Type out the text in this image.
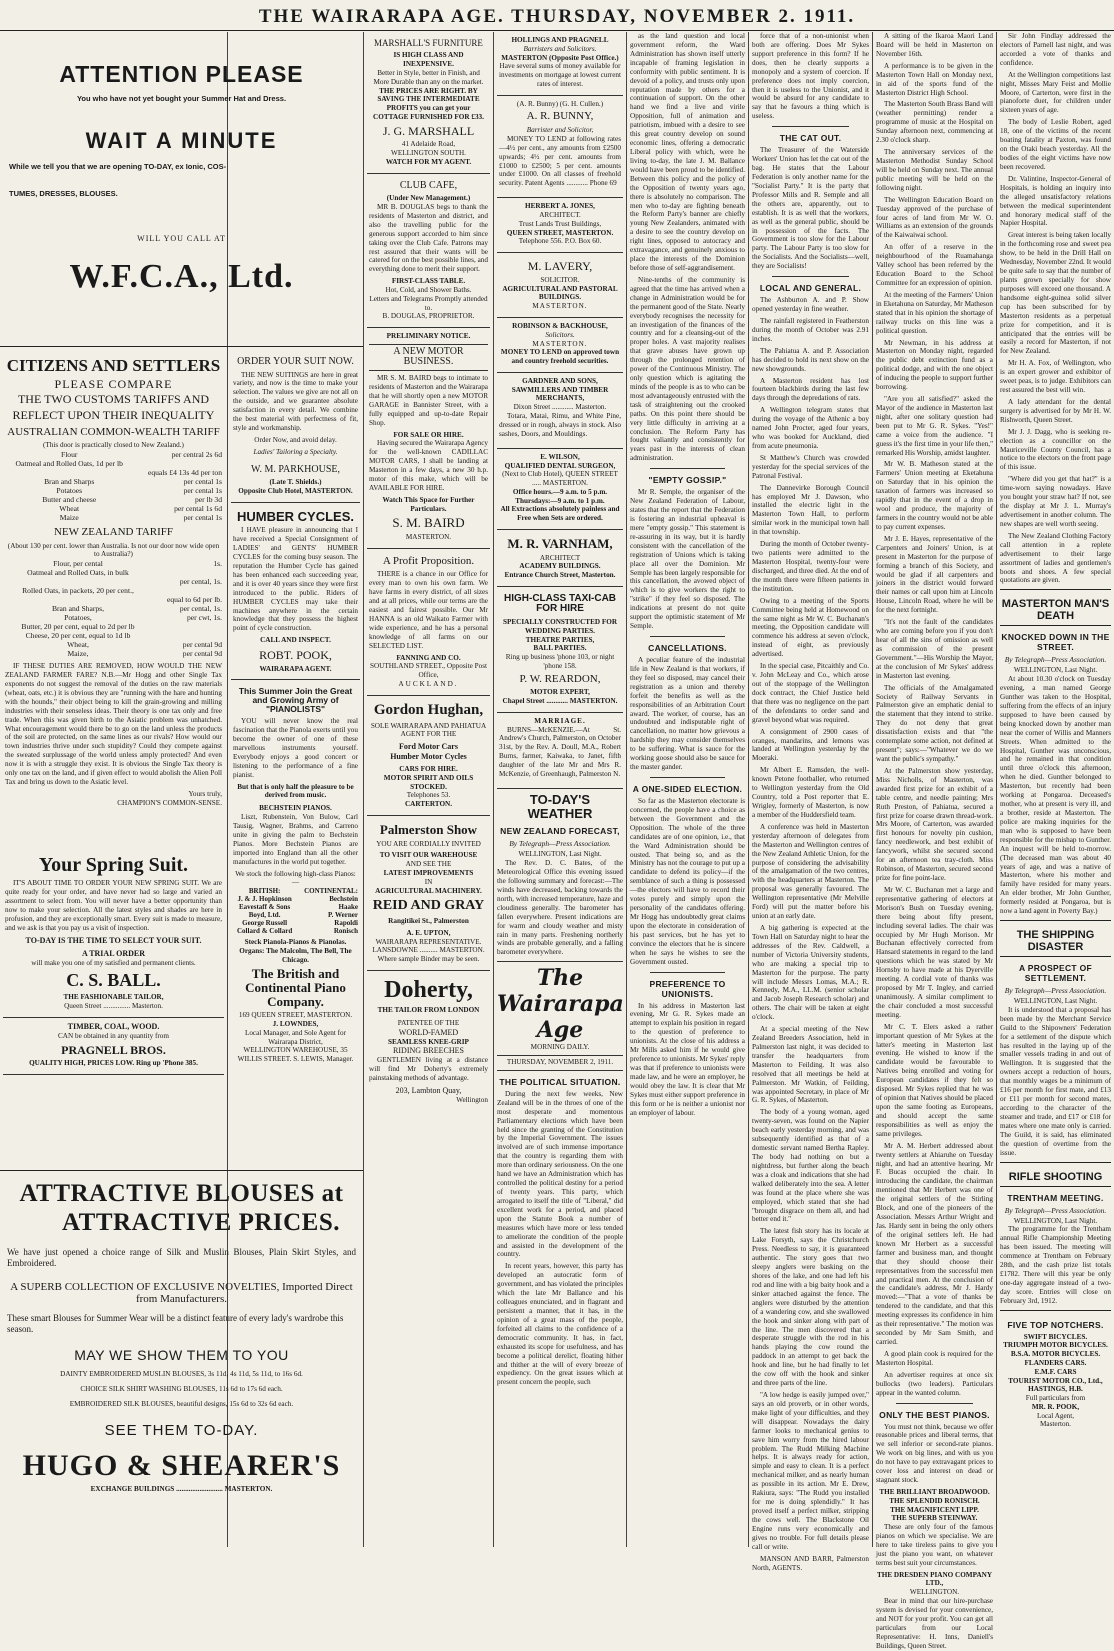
THE WAIRARAPA AGE. THURSDAY, NOVEMBER 2. 1911.
ATTENTION PLEASE
You who have not yet bought your Summer Hat and Dress.
WAIT A MINUTE
While we tell you that we are opening TO-DAY, ex Ionic, COS-
TUMES, DRESSES, BLOUSES.
WILL YOU CALL AT
W.F.C.A., Ltd.
CITIZENS AND SETTLERS
PLEASE COMPARE
THE TWO CUSTOMS TARIFFS AND
REFLECT UPON THEIR INEQUALITY
AUSTRALIAN COMMON-WEALTH TARIFF
(This door is practically closed to New Zealand.)
Flour	per central 2s 6d
Oatmeal and Rolled Oats, 1d per lb	
	equals £4 13s 4d per ton
Bran and Sharps	per cental 1s
Potatoes	per cental 1s
Butter and cheese	per lb 3d
Wheat	per cental 1s 6d
Maize	per cental 1s
NEW ZEALAND TARIFF
(About 130 per cent. lower than Australia. Is not our door now wide open to Australia?)
Flour, per cental	1s.
Oatmeal and Rolled Oats, in bulk	
	per cental, 1s.
Rolled Oats, in packets, 20 per cent.,	
	equal to 6d per lb.
Bran and Sharps,	per cental, 1s.
Potatoes,	per cwt, 1s.
Butter, 20 per cent, equal to 2d per lb	
Cheese, 20 per cent, equal to 1d lb	
Wheat,	per cental 9d
Maize,	per cental 9d
IF THESE DUTIES ARE REMOVED, HOW WOULD THE NEW ZEALAND FARMER FARE? N.B.—Mr Hogg and other Single Tax exponents do not suggest the removal of the duties on the raw materials (wheat, oats, etc.) it is obvious they are "running with the hare and hunting with the hounds," their object being to kill the grain-growing and milling industries with their senseless ideas. Their theory is one tax only and free trade. When this was given birth to the Asiatic problem was unhatched. What encouragement would there be to go on the land unless the products of the soil are protected, on the same lines as our rivals? How would our town industries thrive under such stupidity? Could they compete against the sweated surplussage of the world unless amply protected? And even now it is with a struggle they exist. It is obvious the Single Tax theory is only one tax on the land, and if given effect to would abolish the Alien Poll Tax and bring us down to the Asiatic level.
Yours truly,
CHAMPION'S COMMON-SENSE.
Your Spring Suit.
IT'S ABOUT TIME TO ORDER YOUR NEW SPRING SUIT. We are quite ready for your order, and have never had so large and varied an assortment to select from. You will never have a better opportunity than now to make your selection. All the latest styles and shades are here in profusion, and they are exceptionally smart. Every suit is made to measure, and we ask is that you pay us a visit of inspection.
TO-DAY IS THE TIME TO SELECT YOUR SUIT.
A TRIAL ORDER
will make you one of my satisfied and permanent clients.
C. S. BALL.
THE FASHIONABLE TAILOR,
Queen Street ............... Masterton.
TIMBER, COAL, WOOD.
CAN be obtained in any quantity from
PRAGNELL BROS.
QUALITY HIGH, PRICES LOW. Ring up 'Phone 385.
ATTRACTIVE BLOUSES at
ATTRACTIVE PRICES.
We have just opened a choice range of Silk and Muslin Blouses, Plain Skirt Styles, and Embroidered.
A SUPERB COLLECTION OF EXCLUSIVE NOVELTIES, Imported Direct from Manufacturers.
These smart Blouses for Summer Wear will be a distinct feature of every lady's wardrobe this season.
MAY WE SHOW THEM TO YOU
DAINTY EMBROIDERED MUSLIN BLOUSES, 3s 11d, 4s 11d, 5s 11d, to 16s 6d.
CHOICE SILK SHIRT WASHING BLOUSES, 11s 6d to 17s 6d each.
EMBROIDERED SILK BLOUSES, beautiful designs, 15s 6d to 32s 6d each.
SEE THEM TO-DAY.
HUGO & SHEARER'S
EXCHANGE BUILDINGS .......................... MASTERTON.
ORDER YOUR SUIT NOW.
THE NEW SUITINGS are here in great variety, and now is the time to make your selection. The values we give are not all on the outside, and we guarantee absolute satisfaction in every detail. We combine the best material with perfectness of fit, style and workmanship.
Order Now, and avoid delay.
Ladies' Tailoring a Specialty.
W. M. PARKHOUSE,
(Late T. Shields.)
Opposite Club Hotel, MASTERTON.
HUMBER CYCLES.
I HAVE pleasure in announcing that I have received a Special Consignment of LADIES' and GENTS' HUMBER CYCLES for the coming busy season. The reputation the Humber Cycle has gained has been enhanced each succeeding year, and it is over 40 years since they were first introduced to the public. Riders of HUMBER CYCLES may take their machines anywhere in the certain knowledge that they possess the highest point of cycle construction.
CALL AND INSPECT.
ROBT. POOK,
WAIRARAPA AGENT.
This Summer Join the Great and Growing Army of "PIANOLISTS"
YOU will never know the real fascination that the Pianola exerts until you become the owner of one of these marvellous instruments yourself. Everybody enjoys a good concert or listening to the performance of a fine pianist.
But that is only half the pleasure to be derived from music.
BECHSTEIN PIANOS.
Liszt, Rubenstein, Von Bulow, Carl Tausig, Wagner, Brahms, and Carreno unite in giving the palm to Bechstein Pianos. More Bechstein Pianos are imported into England than all the other manufactures in the world put together.
We stock the following high-class Pianos:—
BRITISH:	CONTINENTAL:
J. & J. Hopkinson	Bechstein
Eavestaff & Sons	Haake
Boyd, Ltd.	P. Werner
George Russell	Rapoldi
Collard & Collard	Ronisch
Steck Pianola-Pianos & Pianolas.
Organs: The Malcolm, The Bell, The Chicago.
The British and Continental Piano Company.
169 QUEEN STREET, MASTERTON.
J. LOWNDES,
Local Manager, and Sole Agent for Wairarapa District,
WELLINGTON WAREHOUSE, 35 WILLIS STREET. S. LEWIS, Manager.
MARSHALL'S FURNITURE
IS HIGH CLASS AND INEXPENSIVE.
Better in Style, better in Finish, and More Durable than any on the market.
THE PRICES ARE RIGHT. BY SAVING THE INTERMEDIATE PROFITS you can get your COTTAGE FURNISHED FOR £33.
J. G. MARSHALL
41 Adelaide Road,
WELLINGTON SOUTH.
WATCH FOR MY AGENT.
CLUB CAFE,
(Under New Management.)
MR B. DOUGLAS begs to thank the residents of Masterton and district, and also the travelling public for the generous support accorded to him since taking over the Club Cafe. Patrons may rest assured that their wants will be catered for on the best possible lines, and everything done to merit their support.
FIRST-CLASS TABLE.
Hot, Cold, and Shower Baths.
Letters and Telegrams Promptly attended to.
B. DOUGLAS, PROPRIETOR.
PRELIMINARY NOTICE.
A NEW MOTOR BUSINESS.
MR S. M. BAIRD begs to intimate to residents of Masterton and the Wairarapa that he will shortly open a new MOTOR GARAGE in Bannister Street, with a fully equipped and up-to-date Repair Shop.
FOR SALE OR HIRE.
Having secured the Wairarapa Agency for the well-known CADILLAC MOTOR CARS, I shall be landing at Masterton in a few days, a new 30 h.p. motor of this make, which will be AVAILABLE FOR HIRE.
Watch This Space for Further Particulars.
S. M. BAIRD
MASTERTON.
A Profit Proposition.
THERE is a chance in our Office for every man to own his own farm. We have farms in every district, of all sizes and at all prices, while our terms are the easiest and fairest possible. Our Mr HANNA is an old Waikato Farmer with wide experience, and he has a personal knowledge of all farms on our SELECTED LIST.
FANNING AND CO.
SOUTHLAND STREET., Opposite Post Office,
AUCKLAND.
Gordon Hughan,
SOLE WAIRARAPA AND PAHIATUA AGENT FOR THE
Ford Motor Cars
Humber Motor Cycles
CARS FOR HIRE.
MOTOR SPIRIT AND OILS STOCKED.
Telephones 53.
CARTERTON.
Palmerston Show
YOU ARE CORDIALLY INVITED
TO VISIT OUR WAREHOUSE
AND SEE THE
LATEST IMPROVEMENTS
IN
AGRICULTURAL MACHINERY.
REID AND GRAY
Rangitikei St., Palmerston
A. E. UPTON,
WAIRARAPA REPRESENTATIVE. LANSDOWNE .......... MASTERTON.
Where sample Binder may be seen.
Doherty,
THE TAILOR FROM LONDON
PATENTEE OF THE
WORLD-FAMED
SEAMLESS KNEE-GRIP
RIDING BREECHES
GENTLEMEN living at a distance will find Mr Doherty's extremely painstaking methods of advantage.
203, Lambton Quay,
Wellington
HOLLINGS AND PRAGNELL
Barristers and Solicitors.
MASTERTON (Opposite Post Office.)
Have several sums of money available for investments on mortgage at lowest current rates of interest.
(A. R. Bunny) (G. H. Cullen.)
A. R. BUNNY,
Barrister and Solicitor,
MONEY TO LEND at following rates—4½ per cent., any amounts from £2500 upwards; 4½ per cent. amounts from £1000 to £2500; 5 per cent. amounts under £1000. On all classes of freehold security. Patent Agents ............ Phone 69
HERBERT A. JONES,
ARCHITECT.
Trust Lands Trust Buildings,
QUEEN STREET, MASTERTON.
Telephone 556. P.O. Box 60.
M. LAVERY,
SOLICITOR.
AGRICULTURAL AND PASTORAL BUILDINGS.
MASTERTON.
ROBINSON & BACKHOUSE,
Solicitors.
MASTERTON.
MONEY TO LEND on approved town and country freehold securities.
GARDNER AND SONS,
SAWMILLERS AND TIMBER MERCHANTS,
Dixon Street ............ Masterton.
Totara, Matai, Rimu, and White Pine, dressed or in rough, always in stock. Also sashes, Doors, and Mouldings.
E. WILSON,
QUALIFIED DENTAL SURGEON,
(Next to Club Hotel), QUEEN STREET ..... MASTERTON.
Office hours.—9 a.m. to 5 p.m. Thursdays:—9 a.m. to 1 p.m.
All Extractions absolutely painless and Free when Sets are ordered.
M. R. VARNHAM,
ARCHITECT
ACADEMY BUILDINGS.
Entrance Church Street, Masterton.
HIGH-CLASS TAXI-CAB FOR HIRE
SPECIALLY CONSTRUCTED FOR
WEDDING PARTIES.
THEATRE PARTIES,
BALL PARTIES.
Ring up business 'phone 103, or night 'phone 158.
P. W. REARDON,
MOTOR EXPERT,
Chapel Street ............ MASTERTON.
MARRIAGE.
BURNS—McKENZIE.—At St. Andrew's Church, Palmerston, on October 31st, by the Rev. A. Doull, M.A., Robert Burns, farmer, Kaiwaka, to Janet, fifth daughter of the late Mr and Mrs R. McKenzie, of Greenhaugh, Palmerston N.
TO-DAY'S WEATHER
NEW ZEALAND FORECAST,
By Telegraph—Press Association.
WELLINGTON, Last Night.
The Rev. D. C. Bates, of the Meteorological Office this evening issued the following summary and forecast:—The winds have decreased, backing towards the north, with increased temperature, haze and cloudiness generally. The barometer has fallen everywhere. Present indications are for warm and cloudy weather and misty rain in many parts. Freshening northerly winds are probable generally, and a falling barometer everywhere.
The Wairarapa Age
MORNING DAILY.
THURSDAY, NOVEMBER 2, 1911.
THE POLITICAL SITUATION.
During the next few weeks, New Zealand will be in the throes of one of the most desperate and momentous Parliamentary elections which have been held since the granting of the Constitution by the Imperial Government. The issues involved are of such immense importance that the country is regarding them with more than ordinary seriousness. On the one hand we have an Administration which has controlled the political destiny for a period of twenty years. This party, which arrogated to itself the title of "Liberal," did excellent work for a period, and placed upon the Statute Book a number of measures which have more or less tended to ameliorate the condition of the people and assisted in the development of the country.
In recent years, however, this party has developed an autocratic form of government, and has violated the principles which the late Mr Ballance and his colleagues enunciated, and in flagrant and persistent a manner, that it has, in the opinion of a great mass of the people, forfeited all claims to the confidence of a democratic community. It has, in fact, exhausted its scope for usefulness, and has become a political derelict, floating hither and thither at the will of every breeze of expediency. On the great issues which at present concern the people, such
as the land question and local government reform, the Ward Administration has shown itself utterly incapable of framing legislation in conformity with public sentiment. It is devoid of a policy, and trusts only upon reputation made by others for a continuation of support. On the other hand we find a live and virile Opposition, full of animation and patriotism, imbued with a desire to see this great country develop on sound economic lines, offering a democratic Liberal policy with which, were he living to-day, the late J. M. Ballance would have been proud to be identified. Between this policy and the policy of the Opposition of twenty years ago, there is absolutely no comparison. The men who to-day are fighting beneath the Reform Party's banner are chiefly young New Zealanders, animated with a desire to see the country develop on right lines, opposed to autocracy and extravagance, and genuinely anxious to place the interests of the Dominion before those of self-aggrandisement.
Nine-tenths of the community is agreed that the time has arrived when a change in Administration would be for the permanent good of the State. Nearly everybody recognises the necessity for an investigation of the finances of the country and for a cleansing-out of the proper holes. A vast majority realises that grave abuses have grown up through the prolonged retention of power of the Continuous Ministry. The only question which is agitating the minds of the people is as to who can be most advantageously entrusted with the task of straightening out the crooked paths. On this point there should be very little difficulty in arriving at a conclusion. The Reform Party has fought valiantly and consistently for years past in the interests of clean administration.
"EMPTY GOSSIP."
Mr R. Semple, the organiser of the New Zealand Federation of Labour, states that the report that the Federation is fostering an industrial upheaval is mere "empty gossip." This statement is re-assuring in its way, but it is hardly consistent with the cancellation of the registration of Unions which is taking place all over the Dominion. Mr Semple has been largely responsible for this cancellation, the avowed object of which is to give workers the right to "strike" if they feel so disposed. The indications at present do not quite support the optimistic statement of Mr Semple.
CANCELLATIONS.
A peculiar feature of the industrial life in New Zealand is that workers, if they feel so disposed, may cancel their registration as a union and thereby forfeit the benefits as well as the responsibilities of an Arbitration Court award. The worker, of course, has an undoubted and indisputable right of cancellation, no matter how grievous a hardship they may consider themselves to be suffering. What is sauce for the working goose should also be sauce for the master gander.
A ONE-SIDED ELECTION.
So far as the Masterton electorate is concerned, the people have a choice as between the Government and the Opposition. The whole of the three candidates are of one opinion, i.e., that the Ward Administration should be ousted. That being so, and as the Ministry has not the courage to put up a candidate to defend its policy—if the semblance of such a thing is possessed—the electors will have to record their votes purely and simply upon the personality of the candidates offering. Mr Hogg has undoubtedly great claims upon the electorate in consideration of his past services, but he has yet to convince the electors that he is sincere when he says he wishes to see the Government ousted.
PREFERENCE TO UNIONISTS.
In his address in Masterton last evening, Mr G. R. Sykes made an attempt to explain his position in regard to the question of preference to unionists. At the close of his address a Mr Mills asked him if he would give preference to unionists. Mr Sykes' reply was that if preference to unionists were made law, and he were an employer, he would obey the law. It is clear that Mr Sykes must either support preference in this form or he is neither a unionist nor an employer of labour.
force that of a non-unionist when both are offering. Does Mr Sykes support preference in this form? If he does, then he clearly supports a monopoly and a system of coercion. If preference does not imply coercion, then it is useless to the Unionist, and it would be absurd for any candidate to say that he favours a thing which is useless.
THE CAT OUT.
The Treasurer of the Waterside Workers' Union has let the cat out of the bag. He states that the Labour Federation is only another name for the "Socialist Party." It is the party that Professor Mills and R. Semple and all the others are, apparently, out to establish. It is as well that the workers, as well as the general public, should be in possession of the facts. The Government is too slow for the Labour party. The Labour Party is too slow for the Socialists. And the Socialists—well, they are Socialists!
LOCAL AND GENERAL.
The Ashburton A. and P. Show opened yesterday in fine weather.
The rainfall registered in Featherston during the month of October was 2.91 inches.
The Pahiatua A. and P. Association has decided to hold its next show on the new showgrounds.
A Masterton resident has lost fourteen blackbirds during the last few days through the depredations of rats.
A Wellington telegram states that during the voyage of the Athenic a boy named John Procter, aged four years, who was booked for Auckland, died from acute pneumonia.
St Matthew's Church was crowded yesterday for the special services of the Patronal Festival.
The Dannevirke Borough Council has employed Mr J. Dawson, who installed the electric light in the Masterton Town Hall, to perform similar work in the municipal town hall in that township.
During the month of October twenty-two patients were admitted to the Masterton Hospital, twenty-four were discharged, and three died. At the end of the month there were fifteen patients in the institution.
Owing to a meeting of the Sports Committee being held at Homewood on the same night as Mr W. C. Buchanan's meeting, the Opposition candidate will commence his address at seven o'clock, instead of eight, as previously advertised.
In the special case, Pitcaithly and Co. v. John McLeay and Co., which arose out of the stoppage of the Wellington dock contract, the Chief Justice held that there was no negligence on the part of the defendants to order sand and gravel beyond what was required.
A consignment of 2900 cases of oranges, mandarins, and lemons was landed at Wellington yesterday by the Moeraki.
Mr Albert E. Ramsden, the well-known Petone footballer, who returned to Wellington yesterday from the Old Country, told a Post reporter that E. Wrigley, formerly of Masterton, is now a member of the Huddersfield team.
A conference was held in Masterton yesterday afternoon of delegates from the Masterton and Wellington centres of the New Zealand Athletic Union, for the purpose of considering the advisability of the amalgamation of the two centres, with the headquarters at Masterton. The proposal was generally favoured. The Wellington representative (Mr Melville Ford) will put the matter before his union at an early date.
A big gathering is expected at the Town Hall on Saturday night to hear the addresses of the Rev. Caldwell, a number of Victoria University students, who are making a special trip to Masterton for the purpose. The party will include Messrs Lomas, M.A.; R. Kennedy, M.A., LL.M. (senior scholar and Jacob Joseph Research scholar) and others. The chair will be taken at eight o'clock.
At a special meeting of the New Zealand Breeders Association, held in Palmerston last night, it was decided to transfer the headquarters from Masterton to Feilding. It was also resolved that all meetings be held at Palmerston. Mr Watkin, of Feilding, was appointed Secretary, in place of Mr G. R. Sykes, of Masterton.
The body of a young woman, aged twenty-seven, was found on the Napier beach early yesterday morning, and was subsequently identified as that of a domestic servant named Bertha Rapley. The body had nothing on but a nightdress, but further along the beach was a cloak and indications that she had walked deliberately into the sea. A letter was found at the place where she was employed, which stated that she had "brought disgrace on them all, and had better end it."
The latest fish story has its locale at Lake Forsyth, says the Christchurch Press. Needless to say, it is guaranteed authentic. The story goes that two sleepy anglers were basking on the shores of the lake, and one had left his rod and line with a big baity hook and a sinker attached against the fence. The anglers were disturbed by the attention of a wandering cow, and she swallowed the hook and sinker along with part of the line. The men discovered that a desperate struggle with the rod in his hands playing the cow round the paddock in an attempt to get back the hook and line, but he had finally to let the cow off with the hook and sinker and three parts of the line.
"A low hedge is easily jumped over," says an old proverb, or in other words, make light of your difficulties, and they will disappear. Nowadays the dairy farmer looks to mechanical genius to save him worry from the hired labour problem. The Rudd Milking Machine helps. It is always ready for action, simple and easy to clean. It is a perfect mechanical milker, and as nearly human as possible in its action. Mr E. Drew, Rakiura, says: "The Rudd you installed for me is doing splendidly." It has proved itself a perfect milker, stripping the cows well. The Blackstone Oil Engine runs very economically and gives no trouble. For full details please call or write.
MANSON AND BARR, Palmerston North, AGENTS.
A sitting of the Ikaroa Maori Land Board will be held in Masterton on November 16th.
A performance is to be given in the Masterton Town Hall on Monday next, in aid of the sports fund of the Masterton District High School.
The Masterton South Brass Band will (weather permitting) render a programme of music at the Hospital on Sunday afternoon next, commencing at 2.30 o'clock sharp.
The anniversary services of the Masterton Methodist Sunday School will be held on Sunday next. The annual public meeting will be held on the following night.
The Wellington Education Board on Tuesday approved of the purchase of four acres of land from Mr W. O. Williams as an extension of the grounds of the Kaiwaiwai school.
An offer of a reserve in the neighbourhood of the Ruamahanga Valley school has been referred by the Education Board to the School Committee for an expression of opinion.
At the meeting of the Farmers' Union in Eketahuna on Saturday, Mr Matheson stated that in his opinion the shortage of railway trucks on this line was a political question.
Mr Newman, in his address at Masterton on Monday night, regarded the public debt extinction fund as a political dodge, and with the one object of inducing the people to support further borrowing.
"Are you all satisfied?" asked the Mayor of the audience in Masterton last night, after one solitary question had been put to Mr G. R. Sykes. "Yes!" came a voice from the audience. "I guess it's the first time in your life then," remarked His Worship, amidst laughter.
Mr W. B. Matheson stated at the Farmers' Union meeting at Eketahuna on Saturday that in his opinion the taxation of farmers was increased so rapidly that in the event of a drop in wool and produce, the majority of farmers in the country would not be able to pay current expenses.
Mr J. E. Hayes, representative of the Carpenters and Joiners' Union, is at present in Masterton for the purpose of forming a branch of this Society, and would be glad if all carpenters and joiners in the district would forward their names or call upon him at Lincoln House, Lincoln Road, where he will be for the next fortnight.
"It's not the fault of the candidates who are coming before you if you don't hear of all the sins of omission as well as commission of the present Government."—His Worship the Mayor, at the conclusion of Mr Sykes' address in Masterton last evening.
The officials of the Amalgamated Society of Railway Servants in Palmerston give an emphatic denial to the statement that they intend to strike. They do not deny that great dissatisfaction exists and that "the contemplate some action, not defined at present"; says:—"Whatever we do we want the public's sympathy."
At the Palmerston show yesterday, Miss Nicholls, of Masterton, was awarded first prize for an exhibit of a table centre, and needle painting; Mrs Ruth Preston, of Pahiatua, secured a first prize for coarse drawn thread-work. Mrs Moore, of Carterton, was awarded first honours for novelty pin cushion, fancy needlework, and best exhibit of fancywork, whilst she secured second for an afternoon tea tray-cloth. Miss Robinson, of Masterton, secured second prize for fine point-lace.
Mr W. C. Buchanan met a large and representative gathering of electors at Morison's Bush on Tuesday evening, there being about fifty present, including several ladies. The chair was occupied by Mr Hugh Morison. Mr Buchanan effectively corrected from Hansard statements in regard to the land questions which he was stated by Mr Hornsby to have made at his Dyerville meeting. A cordial vote of thanks was proposed by Mr T. Ingley, and carried unanimously. A similar compliment to the chair concluded a most successful meeting.
Mr C. T. Elers asked a rather important question of Mr Sykes at the latter's meeting in Masterton last evening. He wished to know if the candidate would be favourable to Natives being enrolled and voting for European candidates if they felt so disposed. Mr Sykes replied that he was of opinion that Natives should be placed upon the same footing as Europeans, and should accept the same responsibilities as well as enjoy the same privileges.
Mr A. M. Herbert addressed about twenty settlers at Ahiaruhe on Tuesday night, and had an attentive hearing. Mr F. Bucas occupied the chair. In introducing the candidate, the chairman mentioned that Mr Herbert was one of the original settlers of the Stirling Block, and one of the pioneers of the Association. Messrs Arthur Wright and Jas. Hardy sent in being the only others of the original settlers left. He had known Mr Herbert as a successful farmer and business man, and thought that they should choose their representatives from the successful men and practical men. At the conclusion of the candidate's address, Mr J. Hardy moved:—"That a vote of thanks be tendered to the candidate, and that this meeting expresses its confidence in him as their representative." The motion was seconded by Mr Sam Smith, and carried.
A good plain cook is required for the Masterton Hospital.
An advertiser requires at once six bullocks (two leaders). Particulars appear in the wanted column.
ONLY THE BEST PIANOS.
You must not think, because we offer reasonable prices and liberal terms, that we sell inferior or second-rate pianos. We work on big lines, and with us you do not have to pay extravagant prices to cover loss and interest on dead or stagnant stock.
THE BRILLIANT BROADWOOD.
THE SPLENDID RONISCH.
THE MAGNIFICENT LIPP.
THE SUPERB STEINWAY.
These are only four of the famous pianos on which we specialise. We are here to take tireless pains to give you just the piano you want, on whatever terms best suit your circumstances.
THE DRESDEN PIANO COMPANY LTD.,
WELLINGTON.
Bear in mind that our hire-purchase system is devised for your convenience, and NOT for your profit. You can get all particulars from our Local Representative: H. Inns, Daniell's Buildings, Queen Street.
Sir John Findlay addressed the electors of Parnell last night, and was accorded a vote of thanks and confidence.
At the Wellington competitions last night, Misses Mary Feist and Mollie Moore, of Carterton, were first in the pianoforte duet, for children under sixteen years of age.
The body of Leslie Robert, aged 18, one of the victims of the recent boating fatality at Paxton, was found on the Otaki beach yesterday. All the bodies of the eight victims have now been recovered.
Dr. Valintine, Inspector-General of Hospitals, is holding an inquiry into the alleged unsatisfactory relations between the medical superintendent and honorary medical staff of the Napier Hospital.
Great interest is being taken locally in the forthcoming rose and sweet pea show, to be held in the Drill Hall on Wednesday, November 22nd. It would be quite safe to say that the number of plants grown specially for show purposes will exceed one thousand. A handsome eight-guinea solid silver cup has been subscribed for by Masterton residents as a perpetual prize for competition, and it is anticipated that the entries will be easily a record for Masterton, if not for New Zealand.
Mr H. A. Fox, of Wellington, who is an expert grower and exhibitor of sweet peas, is to judge. Exhibitors can rest assured the best will win.
A lady attendant for the dental surgery is advertised for by Mr H. W. Rishworth, Queen Street.
Mr J. J. Dagg, who is seeking re-election as a councillor on the Mauriceville County Council, has a notice to the electors on the front page of this issue.
"Where did you get that hat?" is a time-worn saying nowadays. Have you bought your straw hat? If not, see the display at Mr J. L. Murray's advertisement in another column. The new shapes are well worth seeing.
The New Zealand Clothing Factory call attention in a replete advertisement to their large assortment of ladies and gentlemen's boots and shoes. A few special quotations are given.
MASTERTON MAN'S DEATH
KNOCKED DOWN IN THE STREET.
By Telegraph—Press Association.
WELLINGTON, Last Night.
At about 10.30 o'clock on Tuesday evening, a man named George Gunther was taken to the Hospital, suffering from the effects of an injury supposed to have been caused by being knocked down by another man near the corner of Willis and Manners Streets. When admitted to the Hospital, Gunther was unconscious, and he remained in that condition until three o'clock this afternoon, when he died. Gunther belonged to Masterton, but recently had been working at Pongaroa. Deceased's mother, who at present is very ill, and a brother, reside at Masterton. The police are making inquiries for the man who is supposed to have been responsible for the mishap to Gunther. An inquest will be held to-morrow. (The deceased man was about 40 years of age, and was a native of Masterton, where his mother and family have resided for many years. An elder brother, Mr John Gunther, formerly resided at Pongaroa, but is now a land agent in Poverty Bay.)
THE SHIPPING DISASTER
A PROSPECT OF SETTLEMENT.
By Telegraph—Press Association.
WELLINGTON, Last Night.
It is understood that a proposal has been made by the Merchant Service Guild to the Shipowners' Federation for a settlement of the dispute which has resulted in the laying up of the smaller vessels trading in and out of Wellington. It is suggested that the owners accept a reduction of hours, that monthly wages be a minimum of £16 per month for first mate, and £13 or £11 per month for second mates, according to the character of the steamer and trade, and £17 or £18 for mates where one mate only is carried. The Guild, it is said, has eliminated the question of overtime from the issue.
RIFLE SHOOTING
TRENTHAM MEETING.
By Telegraph—Press Association.
WELLINGTON, Last Night.
The programme for the Trentham annual Rifle Championship Meeting has been issued. The meeting will commence at Trentham on February 28th, and the cash prize list totals £1782. There will this year be only one-day aggregate instead of a two-day score. Entries will close on February 3rd, 1912.
FIVE TOP NOTCHERS.
SWIFT BICYCLES.
TRIUMPH MOTOR BICYCLES.
B.S.A. MOTOR BICYCLES.
FLANDERS CARS.
E.M.F. CARS
TOURIST MOTOR CO., Ltd., HASTINGS, H.B.
Full particulars from
MR. R. POOK,
Local Agent,
Masterton.
